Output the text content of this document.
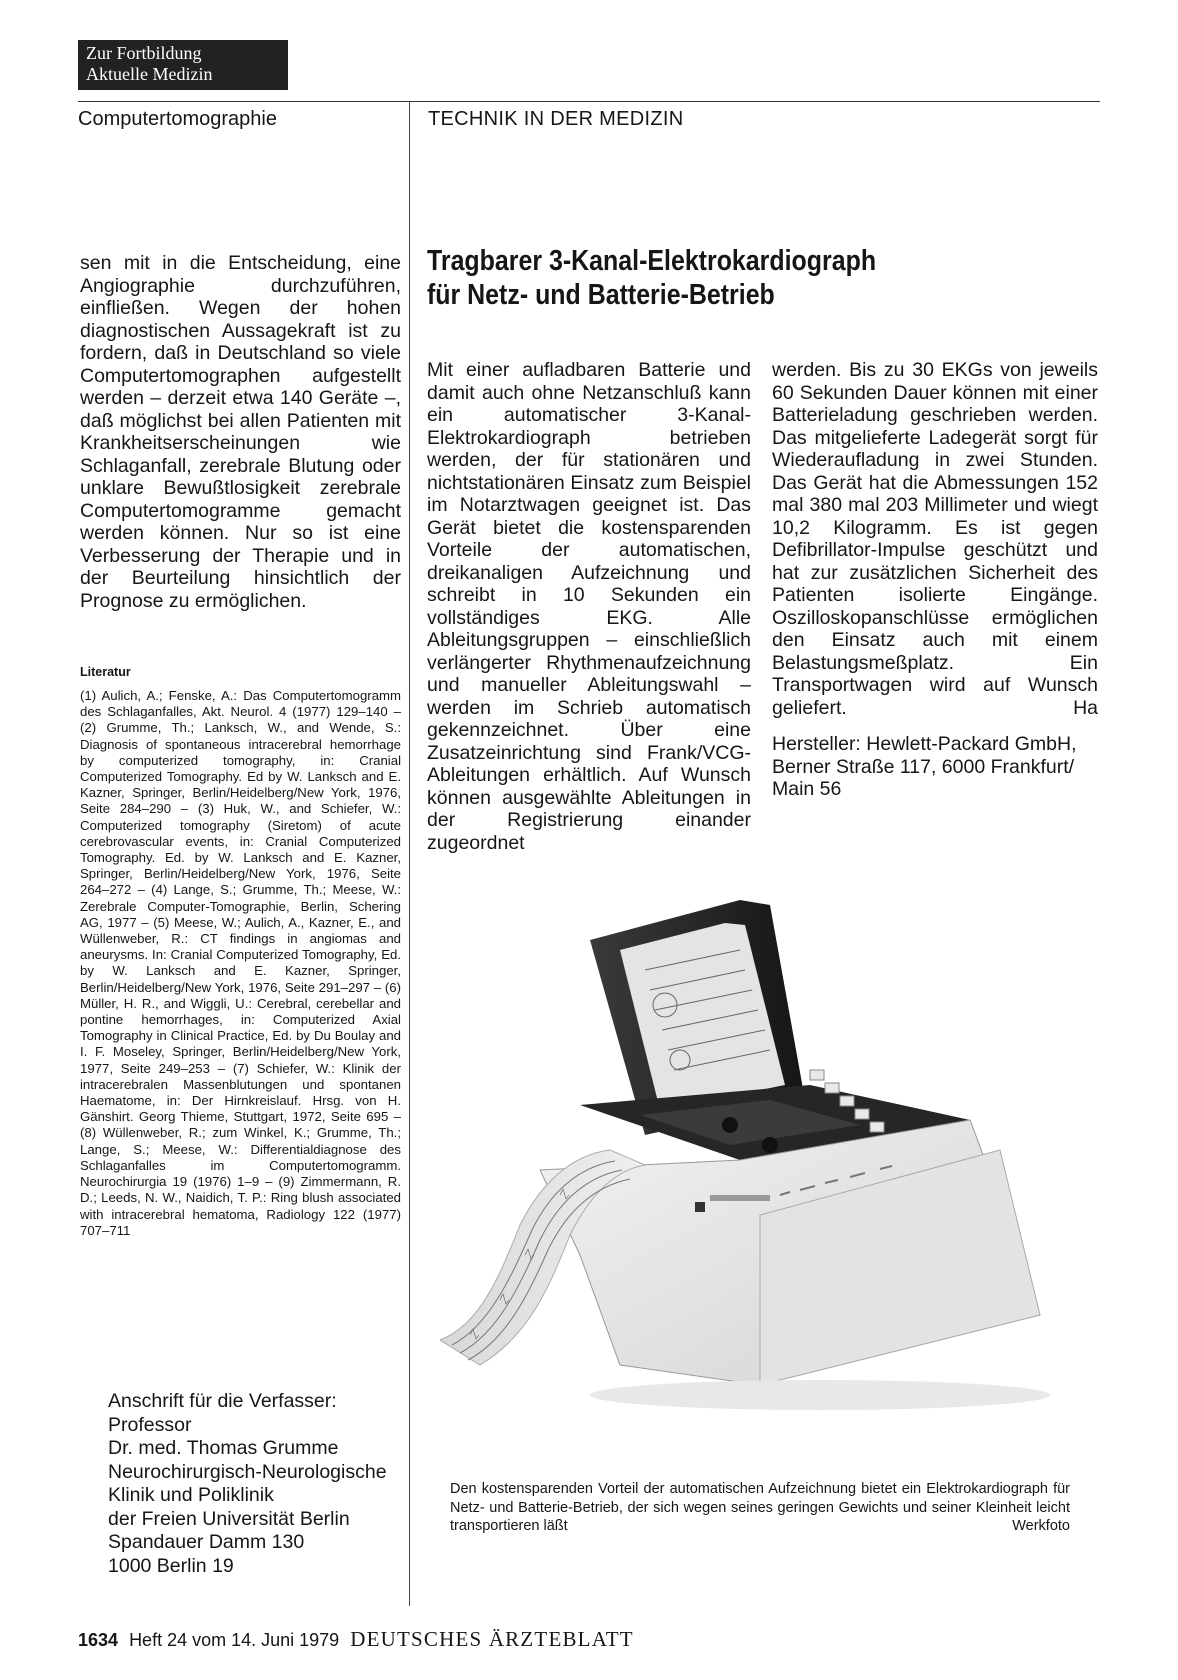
Zur Fortbildung
Aktuelle Medizin
Computertomographie	TECHNIK IN DER MEDIZIN

sen mit in die Entscheidung, eine Angiographie durchzuführen, einfließen. Wegen der hohen diagnostischen Aussagekraft ist zu fordern, daß in Deutschland so viele Computertomographen aufgestellt werden – derzeit etwa 140 Geräte –, daß möglichst bei allen Patienten mit Krankheitserscheinungen wie Schlaganfall, zerebrale Blutung oder unklare Bewußtlosigkeit zerebrale Computertomogramme gemacht werden können. Nur so ist eine Verbesserung der Therapie und in der Beurteilung hinsichtlich der Prognose zu ermöglichen.

Literatur
(1) Aulich, A.; Fenske, A.: Das Computertomogramm des Schlaganfalles, Akt. Neurol. 4 (1977) 129–140 – (2) Grumme, Th.; Lanksch, W., and Wende, S.: Diagnosis of spontaneous intracerebral hemorrhage by computerized tomography, in: Cranial Computerized Tomography. Ed by W. Lanksch and E. Kazner, Springer, Berlin/Heidelberg/New York, 1976, Seite 284–290 – (3) Huk, W., and Schiefer, W.: Computerized tomography (Siretom) of acute cerebrovascular events, in: Cranial Computerized Tomography. Ed. by W. Lanksch and E. Kazner, Springer, Berlin/Heidelberg/New York, 1976, Seite 264–272 – (4) Lange, S.; Grumme, Th.; Meese, W.: Zerebrale Computer-Tomographie, Berlin, Schering AG, 1977 – (5) Meese, W.; Aulich, A., Kazner, E., and Wüllenweber, R.: CT findings in angiomas and aneurysms. In: Cranial Computerized Tomography, Ed. by W. Lanksch and E. Kazner, Springer, Berlin/Heidelberg/New York, 1976, Seite 291–297 – (6) Müller, H. R., and Wiggli, U.: Cerebral, cerebellar and pontine hemorrhages, in: Computerized Axial Tomography in Clinical Practice, Ed. by Du Boulay and I. F. Moseley, Springer, Berlin/Heidelberg/New York, 1977, Seite 249–253 – (7) Schiefer, W.: Klinik der intracerebralen Massenblutungen und spontanen Haematome, in: Der Hirnkreislauf. Hrsg. von H. Gänshirt. Georg Thieme, Stuttgart, 1972, Seite 695 – (8) Wüllenweber, R.; zum Winkel, K.; Grumme, Th.; Lange, S.; Meese, W.: Differentialdiagnose des Schlaganfalles im Computertomogramm. Neurochirurgia 19 (1976) 1–9 – (9) Zimmermann, R. D.; Leeds, N. W., Naidich, T. P.: Ring blush associated with intracerebral hematoma, Radiology 122 (1977) 707–711
Anschrift für die Verfasser:
Professor
Dr. med. Thomas Grumme
Neurochirurgisch-Neurologische
Klinik und Poliklinik
der Freien Universität Berlin
Spandauer Damm 130
1000 Berlin 19
Tragbarer 3-Kanal-Elektrokardiograph
für Netz- und Batterie-Betrieb

Mit einer aufladbaren Batterie und damit auch ohne Netzanschluß kann ein automatischer 3-Kanal-Elektrokardiograph betrieben werden, der für stationären und nichtstationären Einsatz zum Beispiel im Notarztwagen geeignet ist. Das Gerät bietet die kostensparenden Vorteile der automatischen, dreikanaligen Aufzeichnung und schreibt in 10 Sekunden ein vollständiges EKG. Alle Ableitungsgruppen – einschließlich verlängerter Rhythmenaufzeichnung und manueller Ableitungswahl – werden im Schrieb automatisch gekennzeichnet. Über eine Zusatzeinrichtung sind Frank/VCG-Ableitungen erhältlich. Auf Wunsch können ausgewählte Ableitungen in der Registrierung einander zugeordnet

werden. Bis zu 30 EKGs von jeweils 60 Sekunden Dauer können mit einer Batterieladung geschrieben werden. Das mitgelieferte Ladegerät sorgt für Wiederaufladung in zwei Stunden. Das Gerät hat die Abmessungen 152 mal 380 mal 203 Millimeter und wiegt 10,2 Kilogramm. Es ist gegen Defibrillator-Impulse geschützt und hat zur zusätzlichen Sicherheit des Patienten isolierte Eingänge. Oszilloskopanschlüsse ermöglichen den Einsatz auch mit einem Belastungsmeßplatz. Ein Transportwagen wird auf Wunsch geliefert.	Ha

Hersteller: Hewlett-Packard GmbH, Berner Straße 117, 6000 Frankfurt/ Main 56
Den kostensparenden Vorteil der automatischen Aufzeichnung bietet ein Elektrokardiograph für Netz- und Batterie-Betrieb, der sich wegen seines geringen Gewichts und seiner Kleinheit leicht transportieren läßt	Werkfoto
1634 Heft 24 vom 14. Juni 1979 DEUTSCHES ÄRZTEBLATT
